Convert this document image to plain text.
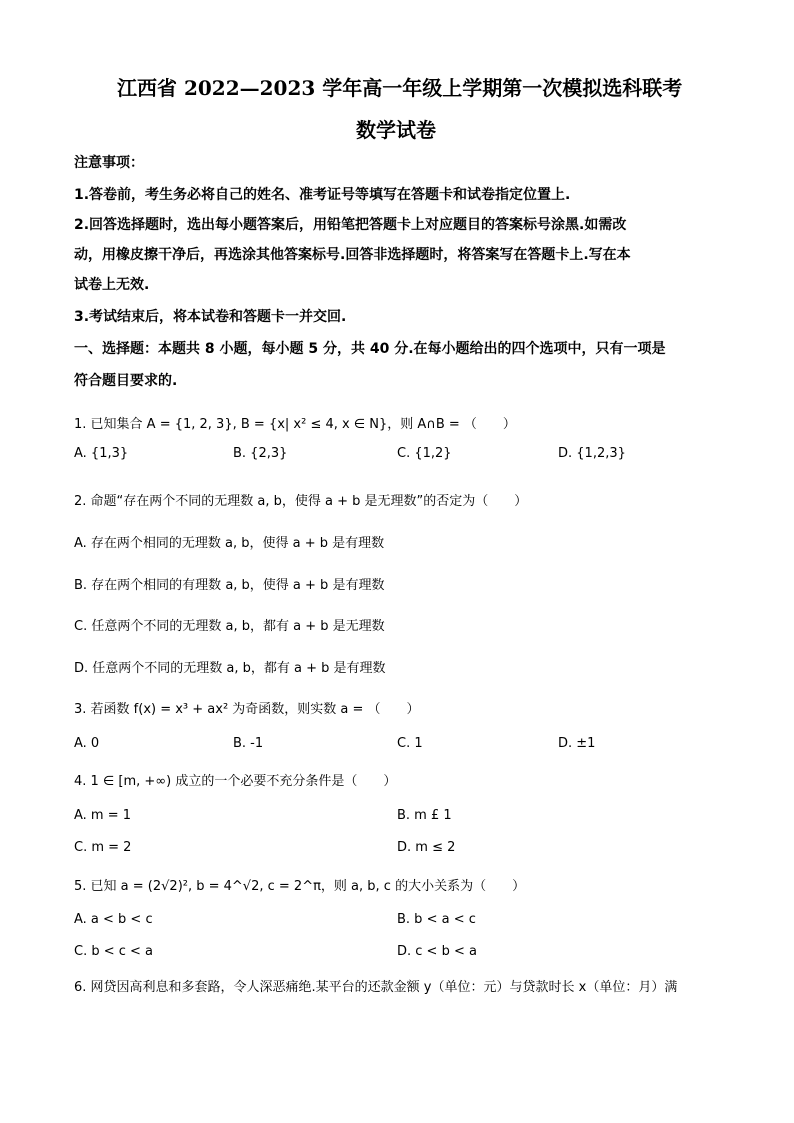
江西省 2022—2023 学年高一年级上学期第一次模拟选科联考
数学试卷
注意事项：
1.答卷前，考生务必将自己的姓名、准考证号等填写在答题卡和试卷指定位置上.
2.回答选择题时，选出每小题答案后，用铅笔把答题卡上对应题目的答案标号涂黑.如需改
动，用橡皮擦干净后，再选涂其他答案标号.回答非选择题时，将答案写在答题卡上.写在本
试卷上无效.
3.考试结束后，将本试卷和答题卡一并交回.
一、选择题：本题共 8 小题，每小题 5 分，共 40 分.在每小题给出的四个选项中，只有一项是
符合题目要求的.
1. 已知集合 A = {1, 2, 3}, B = {x| x² ≤ 4, x ∈ N}，则 A∩B = （　　）
A. {1,3}	B. {2,3}	C. {1,2}	D. {1,2,3}
2. 命题“存在两个不同的无理数 a, b，使得 a + b 是无理数”的否定为（　　）
A. 存在两个相同的无理数 a, b，使得 a + b 是有理数
B. 存在两个相同的有理数 a, b，使得 a + b 是有理数
C. 任意两个不同的无理数 a, b，都有 a + b 是无理数
D. 任意两个不同的无理数 a, b，都有 a + b 是有理数
3. 若函数 f(x) = x³ + ax² 为奇函数，则实数 a = （　　）
A. 0	B. -1	C. 1	D. ±1
4. 1 ∈ [m, +∞) 成立的一个必要不充分条件是（　　）
A. m = 1	B. m £ 1
C. m = 2	D. m ≤ 2
5. 已知 a = (2√2)², b = 4^√2, c = 2^π，则 a, b, c 的大小关系为（　　）
A. a < b < c	B. b < a < c
C. b < c < a	D. c < b < a
6. 网贷因高利息和多套路，令人深恶痛绝.某平台的还款金额 y（单位：元）与贷款时长 x（单位：月）满
